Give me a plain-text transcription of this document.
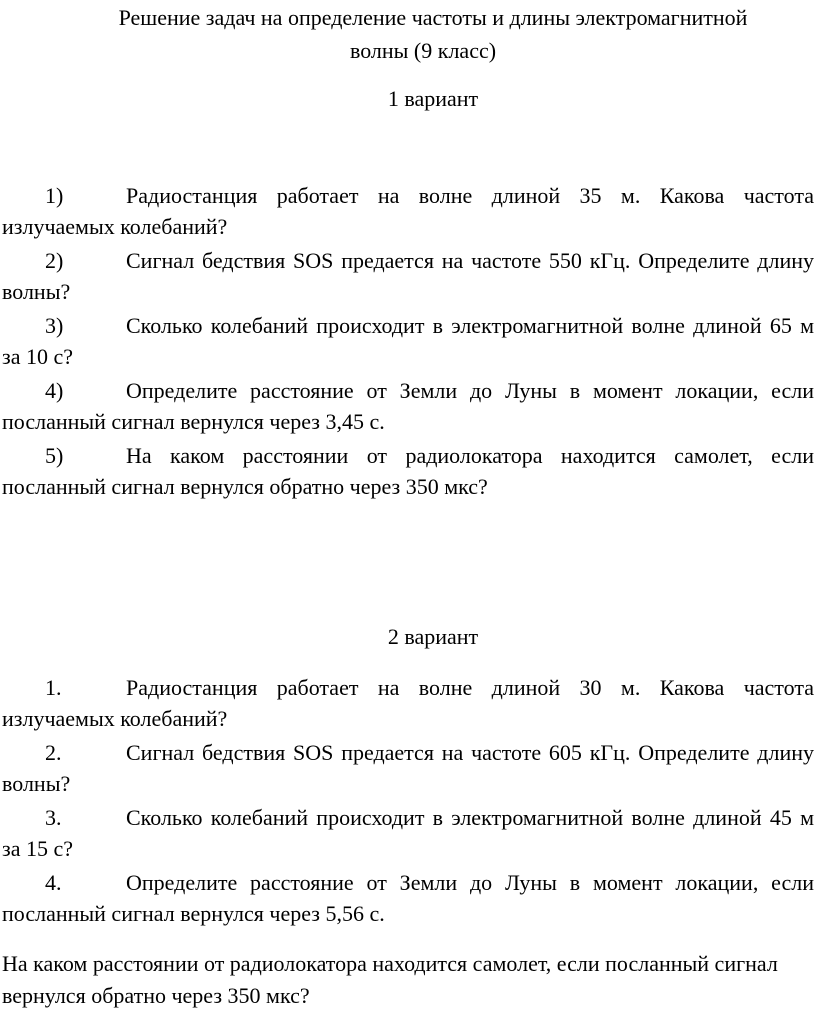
Решение задач на определение частоты и длины электромагнитной
волны (9 класс)
1 вариант
1)	Радиостанция работает на волне длиной 35 м. Какова частота излучаемых колебаний?
2)	Сигнал бедствия SOS предается на частоте 550 кГц. Определите длину волны?
3)	Сколько колебаний происходит в электромагнитной волне длиной 65 м за 10 с?
4)	Определите расстояние от Земли до Луны в момент локации, если посланный сигнал вернулся через 3,45 с.
5)	На каком расстоянии от радиолокатора находится самолет, если посланный сигнал вернулся обратно через 350 мкс?
2 вариант
1.	Радиостанция работает на волне длиной 30 м. Какова частота излучаемых колебаний?
2.	Сигнал бедствия SOS предается на частоте 605 кГц. Определите длину волны?
3.	Сколько колебаний происходит в электромагнитной волне длиной 45 м за 15 с?
4.	Определите расстояние от Земли до Луны в момент локации, если посланный сигнал вернулся через 5,56 с.
На каком расстоянии от радиолокатора находится самолет, если посланный сигнал вернулся обратно через 350 мкс?
